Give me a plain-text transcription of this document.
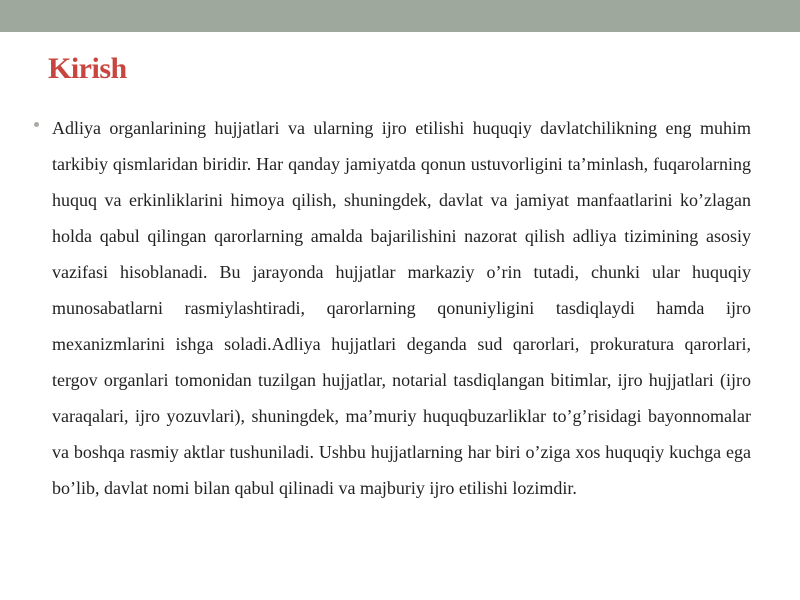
Kirish
Adliya organlarining hujjatlari va ularning ijro etilishi huquqiy davlatchilikning eng muhim tarkibiy qismlaridan biridir. Har qanday jamiyatda qonun ustuvorligini ta’minlash, fuqarolarning huquq va erkinliklarini himoya qilish, shuningdek, davlat va jamiyat manfaatlarini ko’zlagan holda qabul qilingan qarorlarning amalda bajarilishini nazorat qilish adliya tizimining asosiy vazifasi hisoblanadi. Bu jarayonda hujjatlar markaziy o’rin tutadi, chunki ular huquqiy munosabatlarni rasmiylashtiradi, qarorlarning qonuniyligini tasdiqlaydi hamda ijro mexanizmlarini ishga soladi.Adliya hujjatlari deganda sud qarorlari, prokuratura qarorlari, tergov organlari tomonidan tuzilgan hujjatlar, notarial tasdiqlangan bitimlar, ijro hujjatlari (ijro varaqalari, ijro yozuvlari), shuningdek, ma’muriy huquqbuzarliklar to’g’risidagi bayonnomalar va boshqa rasmiy aktlar tushuniladi. Ushbu hujjatlarning har biri o’ziga xos huquqiy kuchga ega bo’lib, davlat nomi bilan qabul qilinadi va majburiy ijro etilishi lozimdir.
